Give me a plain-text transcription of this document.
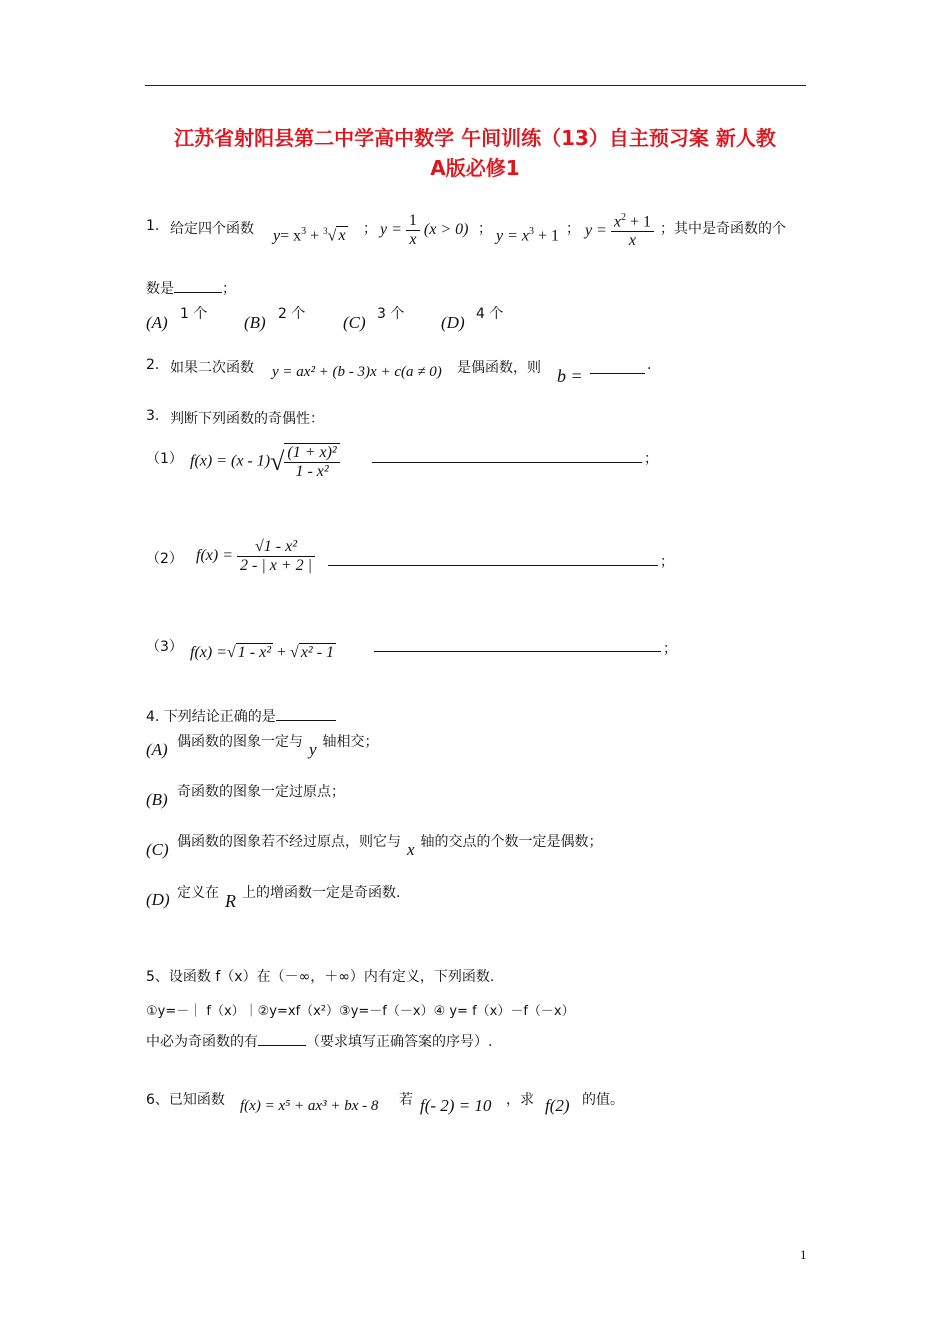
江苏省射阳县第二中学高中数学 午间训练（13）自主预习案 新人教
A版必修1
1. 给定四个函数 $y= x^3 + ^3√$ x ； $y = \frac{1}{x} (x > 0)$ ； $y = x^3 + 1$ ； $y = \frac{x^2 + 1}{x}$ ；其中是奇函数的个
数是	；
(A) 1 个 (B) 2 个 (C) 3 个 (D) 4 个
2. 如果二次函数 y = ax² + (b - 3)x + c(a ≠ 0) 是偶函数，则 b =
.
3. 判断下列函数的奇偶性：
（1） $f(x) = (x - 1)√ \frac{\text{(1 + x)²}}{\text{1 - x²}}$	；
（2） $f(x) = \frac{\text{√1 - x²}}{2 - | x + 2 |}$	；
（3） f(x) =√ 1 - x² + √ x² - 1	；
4. 下列结论正确的是
(A) 偶函数的图象一定与 y 轴相交；
(B) 奇函数的图象一定过原点；
(C) 偶函数的图象若不经过原点，则它与 x 轴的交点的个数一定是偶数；
(D) 定义在 R 上的增函数一定是奇函数.
5、设函数 f（x）在（－∞，＋∞）内有定义，下列函数.
①y=－｜ f（x）｜②y=xf（x²）③y=－f（－x）④ y= f（x）－f（－x）
中必为奇函数的有	（要求填写正确答案的序号）.
6、已知函数 f(x) = x⁵ + ax³ + bx - 8 若 f(- 2) = 10 ，求 f(2) 的值。
1
